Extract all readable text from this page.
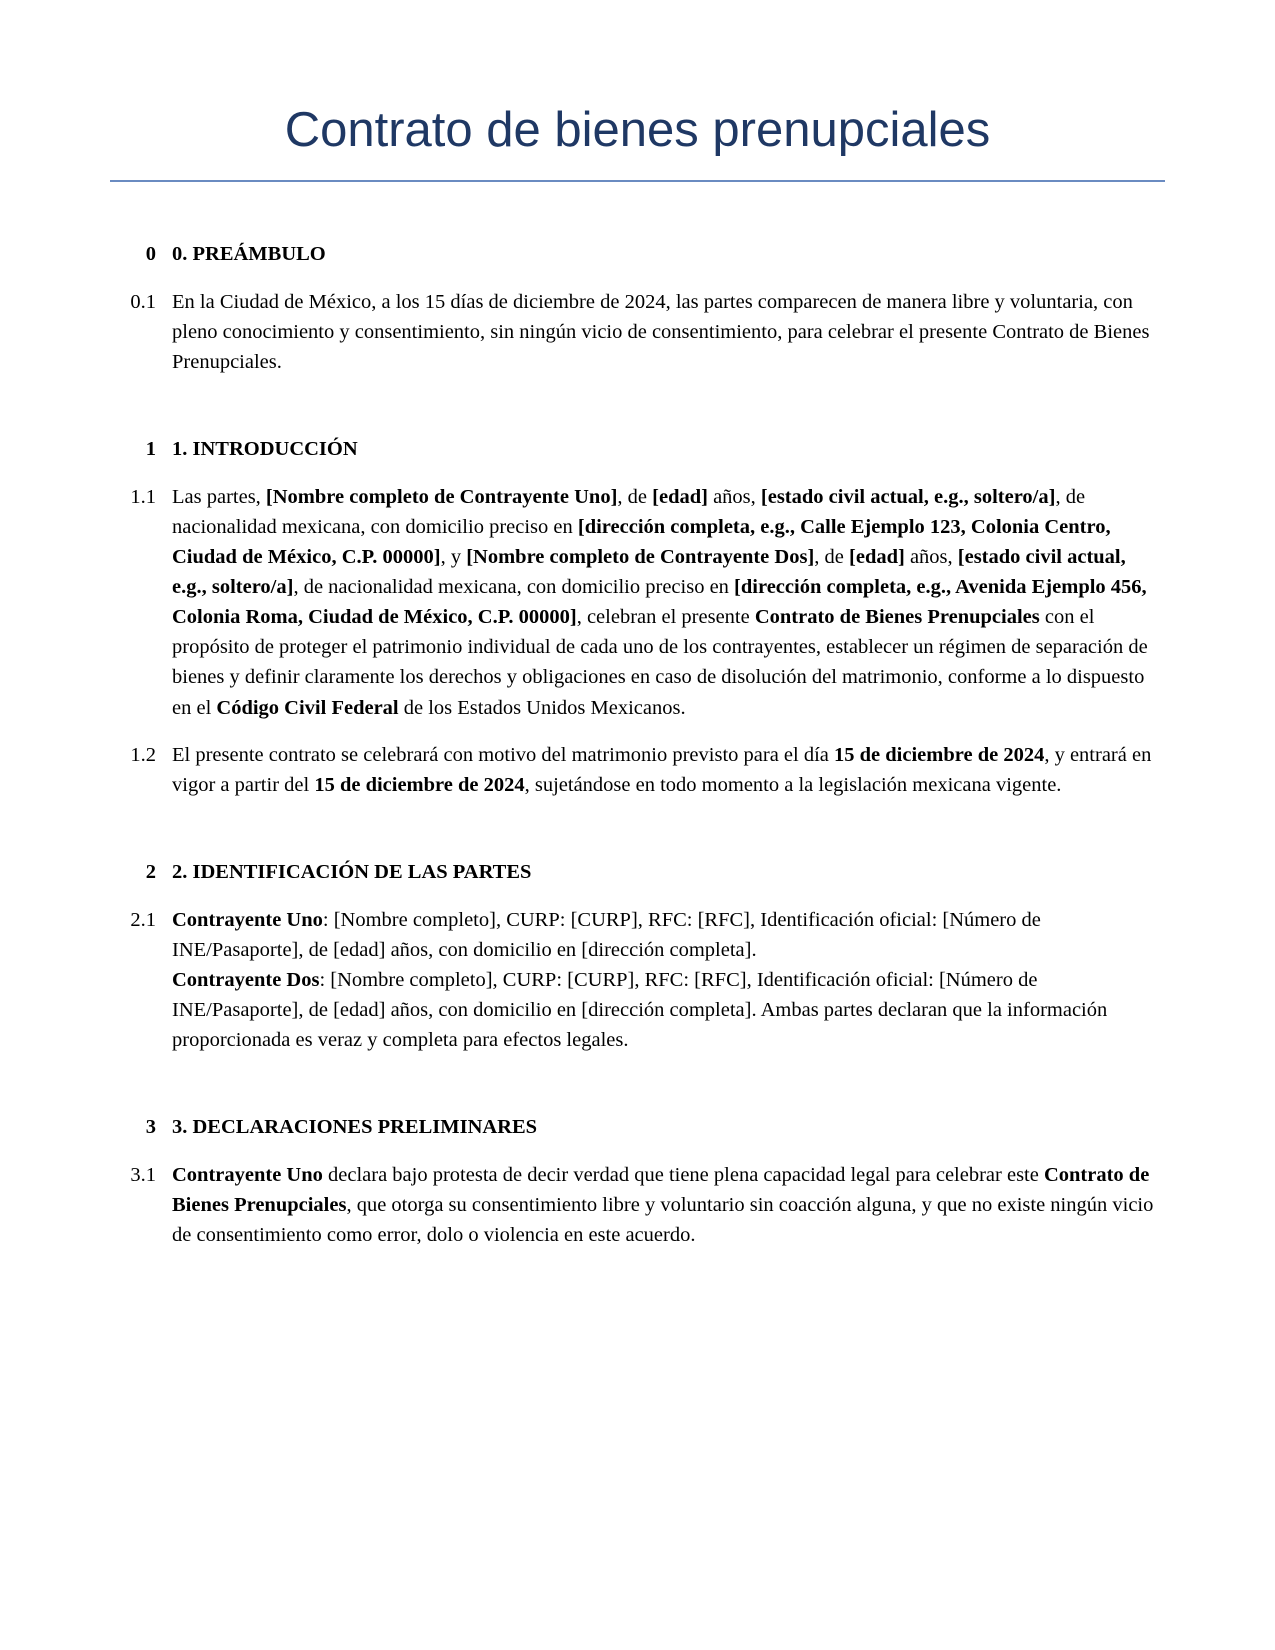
Contrato de bienes prenupciales
0 0. PREÁMBULO
0.1 En la Ciudad de México, a los 15 días de diciembre de 2024, las partes comparecen de manera libre y voluntaria, con pleno conocimiento y consentimiento, sin ningún vicio de consentimiento, para celebrar el presente Contrato de Bienes Prenupciales.
1 1. INTRODUCCIÓN
1.1 Las partes, [Nombre completo de Contrayente Uno], de [edad] años, [estado civil actual, e.g., soltero/a], de nacionalidad mexicana, con domicilio preciso en [dirección completa, e.g., Calle Ejemplo 123, Colonia Centro, Ciudad de México, C.P. 00000], y [Nombre completo de Contrayente Dos], de [edad] años, [estado civil actual, e.g., soltero/a], de nacionalidad mexicana, con domicilio preciso en [dirección completa, e.g., Avenida Ejemplo 456, Colonia Roma, Ciudad de México, C.P. 00000], celebran el presente Contrato de Bienes Prenupciales con el propósito de proteger el patrimonio individual de cada uno de los contrayentes, establecer un régimen de separación de bienes y definir claramente los derechos y obligaciones en caso de disolución del matrimonio, conforme a lo dispuesto en el Código Civil Federal de los Estados Unidos Mexicanos.
1.2 El presente contrato se celebrará con motivo del matrimonio previsto para el día 15 de diciembre de 2024, y entrará en vigor a partir del 15 de diciembre de 2024, sujetándose en todo momento a la legislación mexicana vigente.
2 2. IDENTIFICACIÓN DE LAS PARTES
2.1 Contrayente Uno: [Nombre completo], CURP: [CURP], RFC: [RFC], Identificación oficial: [Número de INE/Pasaporte], de [edad] años, con domicilio en [dirección completa].
Contrayente Dos: [Nombre completo], CURP: [CURP], RFC: [RFC], Identificación oficial: [Número de INE/Pasaporte], de [edad] años, con domicilio en [dirección completa]. Ambas partes declaran que la información proporcionada es veraz y completa para efectos legales.
3 3. DECLARACIONES PRELIMINARES
3.1 Contrayente Uno declara bajo protesta de decir verdad que tiene plena capacidad legal para celebrar este Contrato de Bienes Prenupciales, que otorga su consentimiento libre y voluntario sin coacción alguna, y que no existe ningún vicio de consentimiento como error, dolo o violencia en este acuerdo.
